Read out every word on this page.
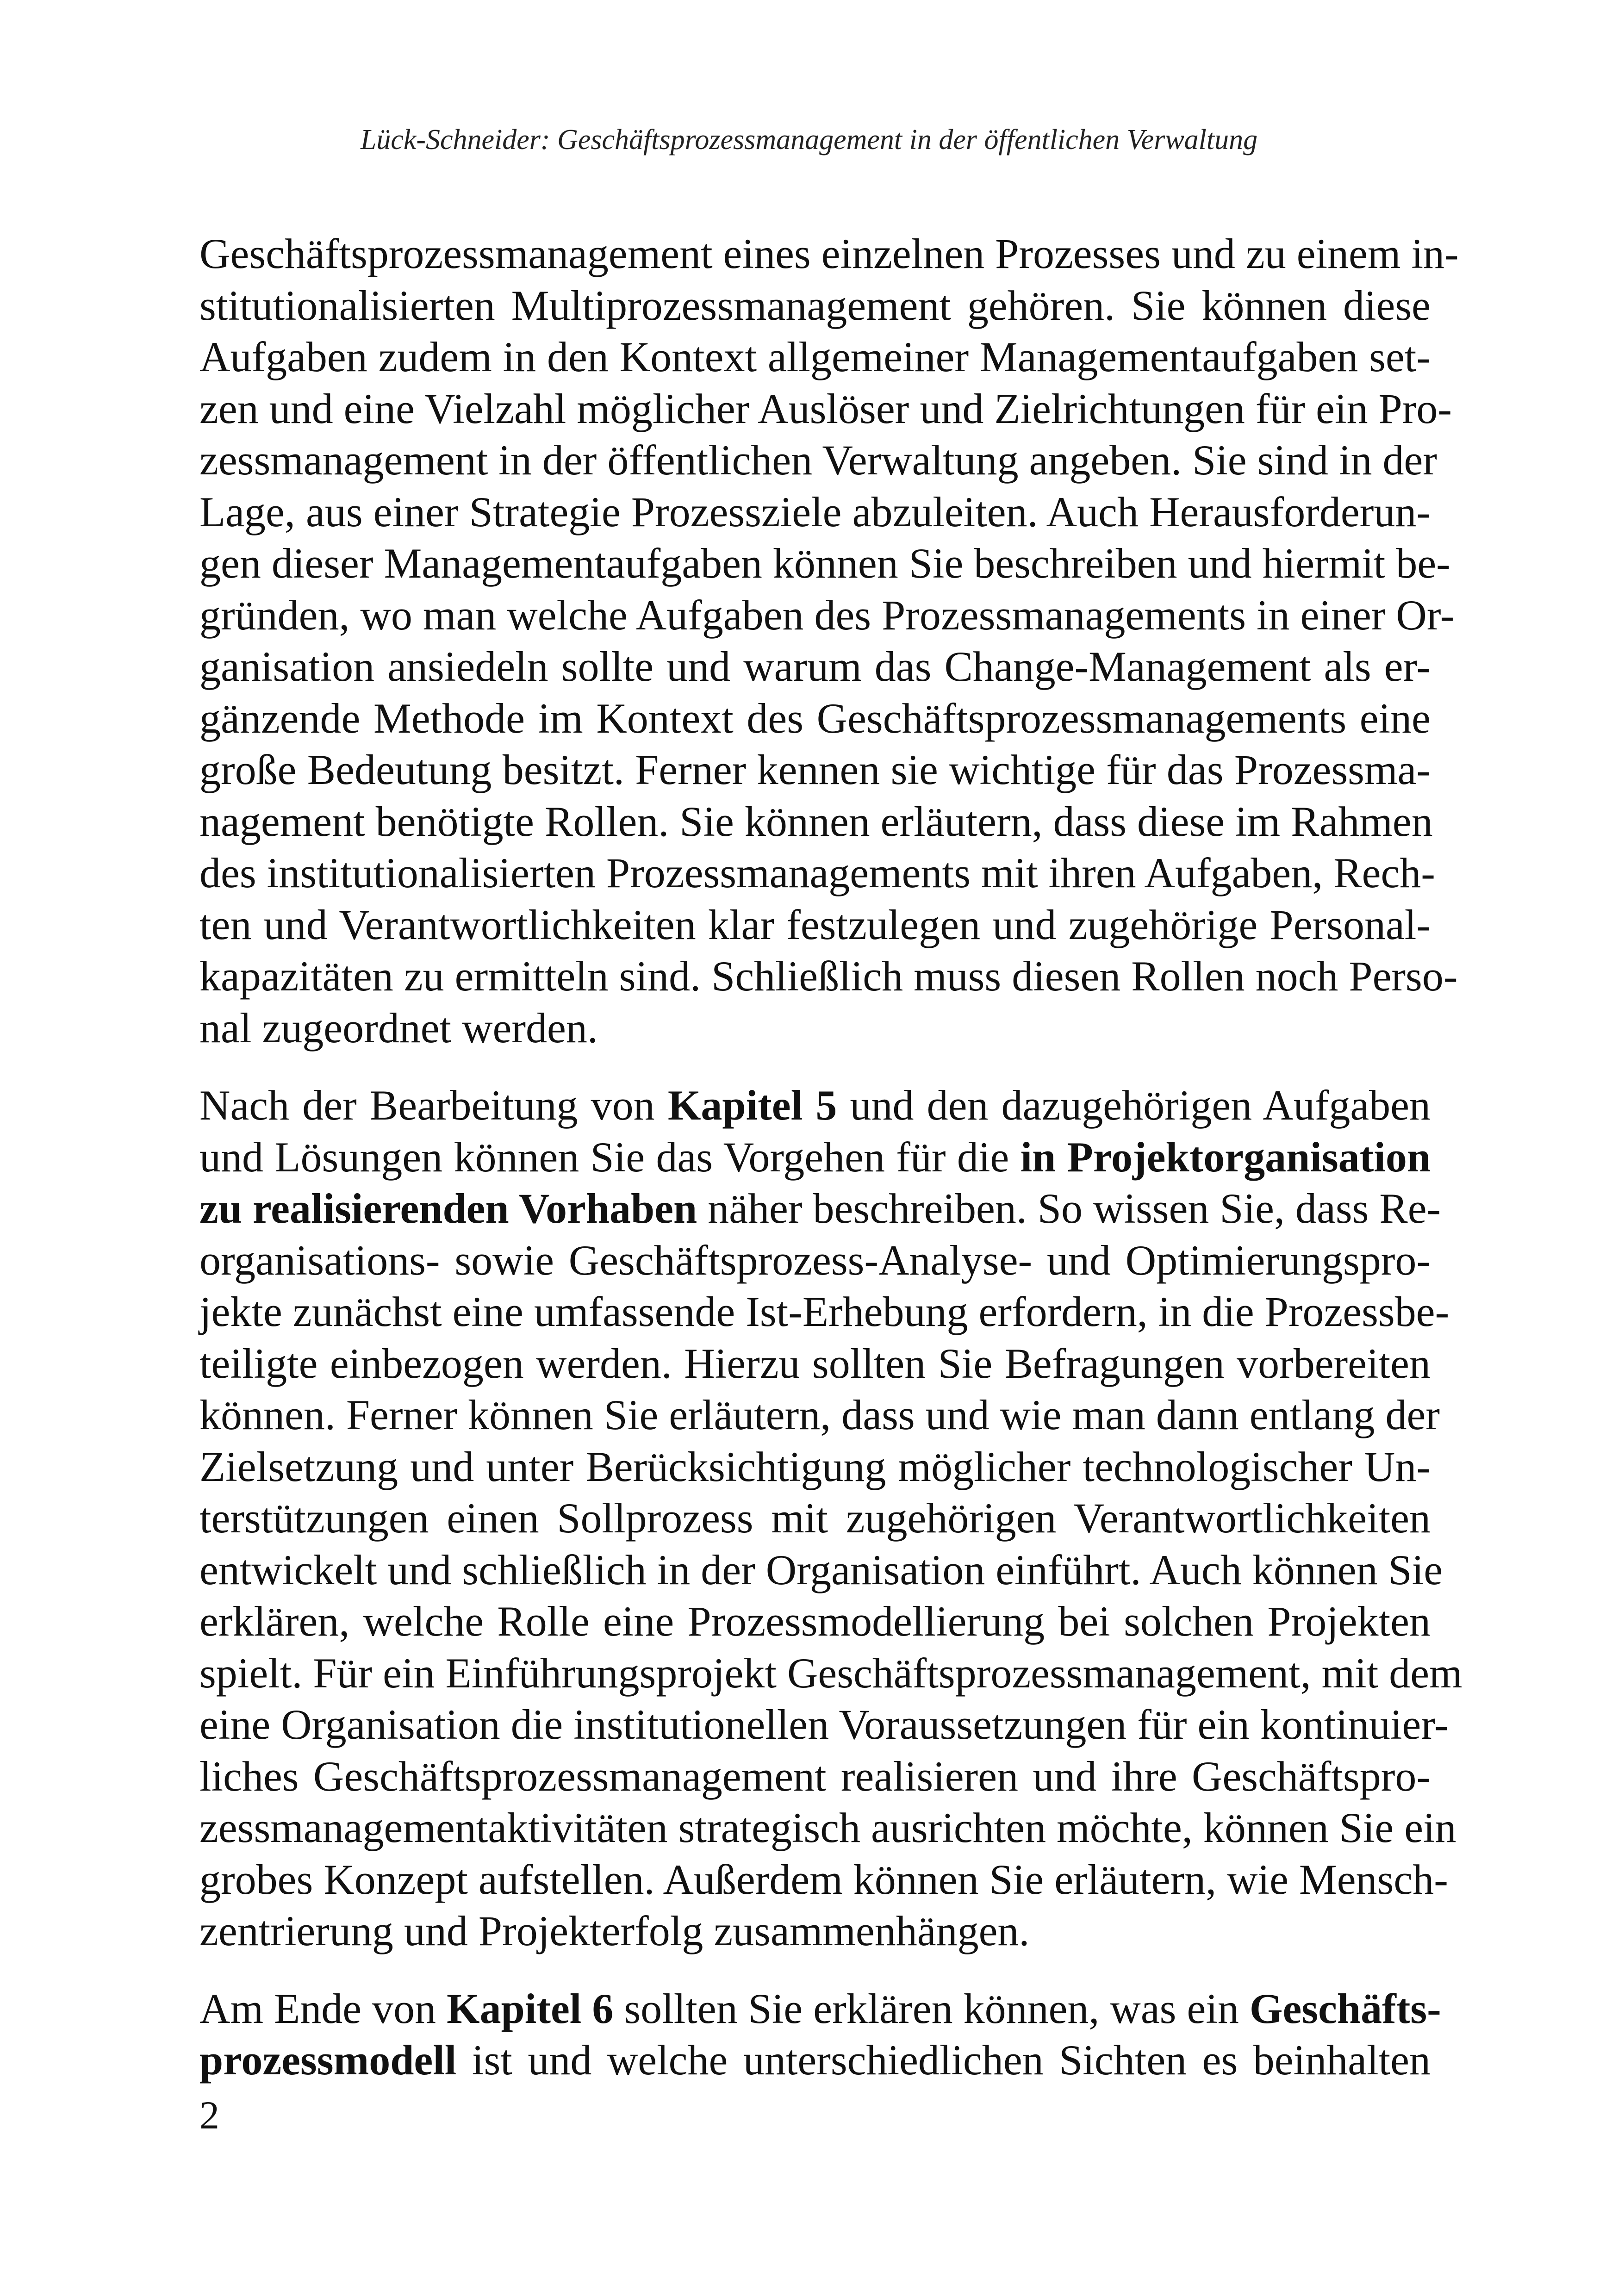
Lück-Schneider: Geschäftsprozessmanagement in der öffentlichen Verwaltung
Geschäftsprozessmanagement eines einzelnen Prozesses und zu einem in-
stitutionalisierten Multiprozessmanagement gehören. Sie können diese
Aufgaben zudem in den Kontext allgemeiner Managementaufgaben set-
zen und eine Vielzahl möglicher Auslöser und Zielrichtungen für ein Pro-
zessmanagement in der öffentlichen Verwaltung angeben. Sie sind in der
Lage, aus einer Strategie Prozessziele abzuleiten. Auch Herausforderun-
gen dieser Managementaufgaben können Sie beschreiben und hiermit be-
gründen, wo man welche Aufgaben des Prozessmanagements in einer Or-
ganisation ansiedeln sollte und warum das Change-Management als er-
gänzende Methode im Kontext des Geschäftsprozessmanagements eine
große Bedeutung besitzt. Ferner kennen sie wichtige für das Prozessma-
nagement benötigte Rollen. Sie können erläutern, dass diese im Rahmen
des institutionalisierten Prozessmanagements mit ihren Aufgaben, Rech-
ten und Verantwortlichkeiten klar festzulegen und zugehörige Personal-
kapazitäten zu ermitteln sind. Schließlich muss diesen Rollen noch Perso-
nal zugeordnet werden.
Nach der Bearbeitung von Kapitel 5 und den dazugehörigen Aufgaben
und Lösungen können Sie das Vorgehen für die in Projektorganisation
zu realisierenden Vorhaben näher beschreiben. So wissen Sie, dass Re-
organisations- sowie Geschäftsprozess-Analyse- und Optimierungspro-
jekte zunächst eine umfassende Ist-Erhebung erfordern, in die Prozessbe-
teiligte einbezogen werden. Hierzu sollten Sie Befragungen vorbereiten
können. Ferner können Sie erläutern, dass und wie man dann entlang der
Zielsetzung und unter Berücksichtigung möglicher technologischer Un-
terstützungen einen Sollprozess mit zugehörigen Verantwortlichkeiten
entwickelt und schließlich in der Organisation einführt. Auch können Sie
erklären, welche Rolle eine Prozessmodellierung bei solchen Projekten
spielt. Für ein Einführungsprojekt Geschäftsprozessmanagement, mit dem
eine Organisation die institutionellen Voraussetzungen für ein kontinuier-
liches Geschäftsprozessmanagement realisieren und ihre Geschäftspro-
zessmanagementaktivitäten strategisch ausrichten möchte, können Sie ein
grobes Konzept aufstellen. Außerdem können Sie erläutern, wie Mensch-
zentrierung und Projekterfolg zusammenhängen.
Am Ende von Kapitel 6 sollten Sie erklären können, was ein Geschäfts-
prozessmodell ist und welche unterschiedlichen Sichten es beinhalten
2
